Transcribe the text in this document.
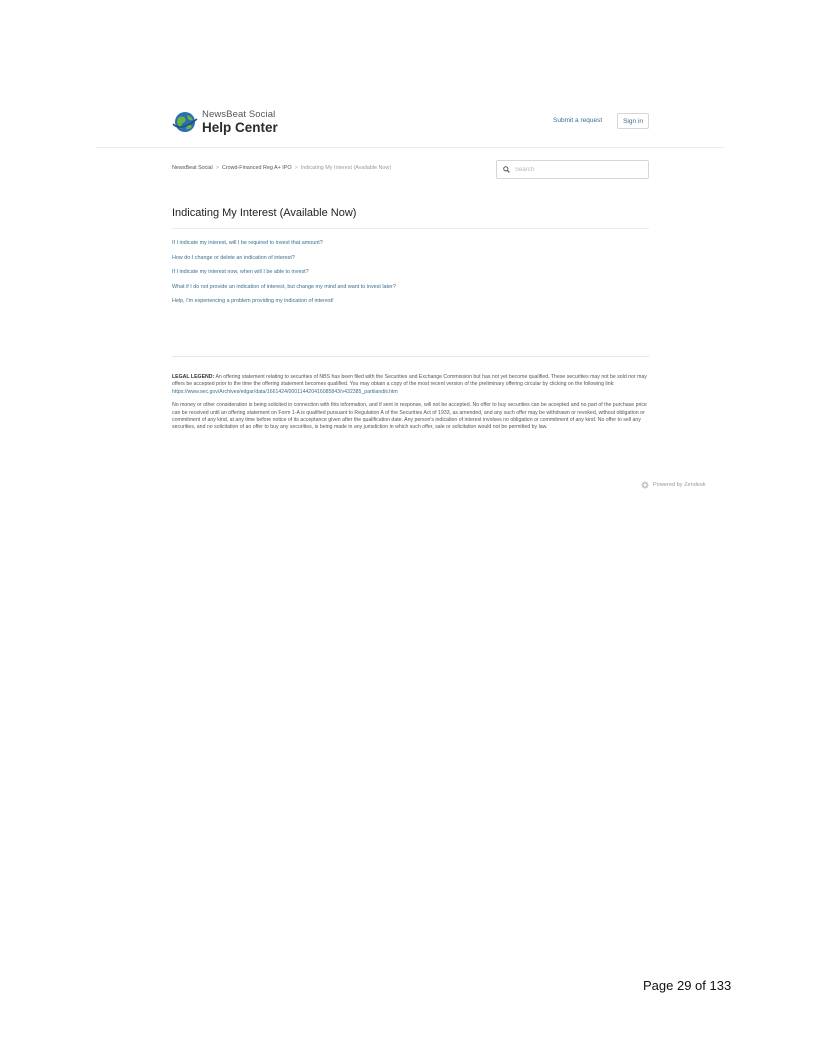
NewsBeat Social
Help Center	Submit a request	Sign in
NewsBeat Social > Crowd-Financed Reg A+ IPO > Indicating My Interest (Available Now)
Search
Indicating My Interest (Available Now)
If I indicate my interest, will I be required to invest that amount?
How do I change or delete an indication of interest?
If I indicate my interest now, when will I be able to invest?
What if I do not provide an indication of interest, but change my mind and want to invest later?
Help, I'm experiencing a problem providing my indication of interest!

LEGAL LEGEND: An offering statement relating to securities of NBS has been filed with the Securities and Exchange Commission but has not yet become qualified. These securities may not be sold nor may offers be accepted prior to the time the offering statement becomes qualified. You may obtain a copy of the most recent version of the preliminary offering circular by clicking on the following link:
https://www.sec.gov/Archives/edgar/data/1661424/000114420416085843/v432385_partiiandiii.htm

No money or other consideration is being solicited in connection with this information, and if sent in response, will not be accepted. No offer to buy securities can be accepted and no part of the purchase price can be received until an offering statement on Form 1-A is qualified pursuant to Regulation A of the Securities Act of 1933, as amended, and any such offer may be withdrawn or revoked, without obligation or commitment of any kind, at any time before notice of its acceptance given after the qualification date. Any person's indication of interest involves no obligation or commitment of any kind. No offer to sell any securities, and no solicitation of an offer to buy any securities, is being made in any jurisdiction in which such offer, sale or solicitation would not be permitted by law.

Powered by Zendesk
Page 29 of 133
